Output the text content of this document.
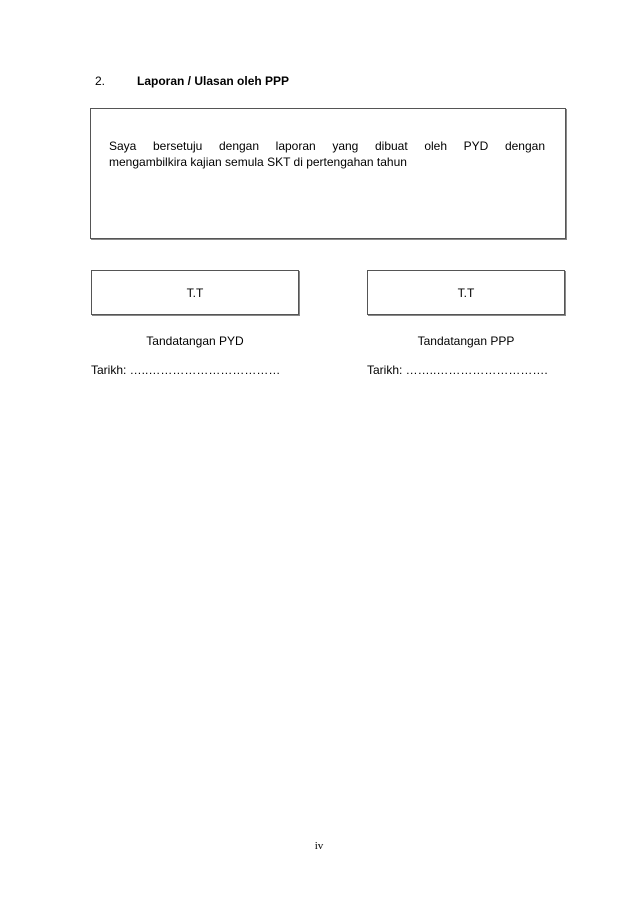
2.	Laporan / Ulasan oleh PPP
Saya bersetuju dengan laporan yang dibuat oleh PYD dengan
mengambilkira kajian semula SKT di pertengahan tahun
T.T	T.T
Tandatangan PYD	Tandatangan PPP
Tarikh: …..……………………………	Tarikh: ……..……………………….
iv
